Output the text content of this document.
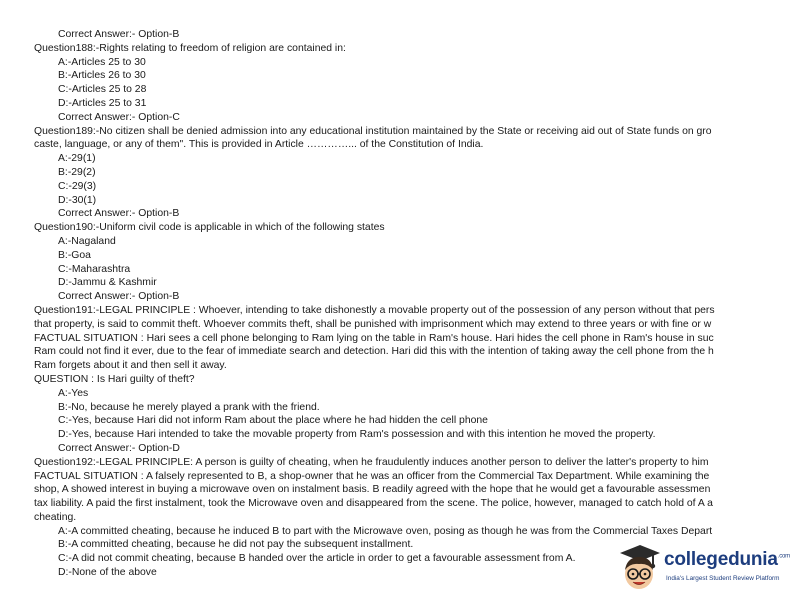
Correct Answer:- Option-B
Question188:-Rights relating to freedom of religion are contained in:
A:-Articles 25 to 30
B:-Articles 26 to 30
C:-Articles 25 to 28
D:-Articles 25 to 31
Correct Answer:- Option-C
Question189:-No citizen shall be denied admission into any educational institution maintained by the State or receiving aid out of State funds on gro
caste, language, or any of them". This is provided in Article …………... of the Constitution of India.
A:-29(1)
B:-29(2)
C:-29(3)
D:-30(1)
Correct Answer:- Option-B
Question190:-Uniform civil code is applicable in which of the following states
A:-Nagaland
B:-Goa
C:-Maharashtra
D:-Jammu & Kashmir
Correct Answer:- Option-B
Question191:-LEGAL PRINCIPLE : Whoever, intending to take dishonestly a movable property out of the possession of any person without that pers
that property, is said to commit theft. Whoever commits theft, shall be punished with imprisonment which may extend to three years or with fine or w
FACTUAL SITUATION : Hari sees a cell phone belonging to Ram lying on the table in Ram's house. Hari hides the cell phone in Ram's house in suc
Ram could not find it ever, due to the fear of immediate search and detection. Hari did this with the intention of taking away the cell phone from the h
Ram forgets about it and then sell it away.
QUESTION : Is Hari guilty of theft?
A:-Yes
B:-No, because he merely played a prank with the friend.
C:-Yes, because Hari did not inform Ram about the place where he had hidden the cell phone
D:-Yes, because Hari intended to take the movable property from Ram's possession and with this intention he moved the property.
Correct Answer:- Option-D
Question192:-LEGAL PRINCIPLE: A person is guilty of cheating, when he fraudulently induces another person to deliver the latter's property to him
FACTUAL SITUATION : A falsely represented to B, a shop-owner that he was an officer from the Commercial Tax Department. While examining the
shop, A showed interest in buying a microwave oven on instalment basis. B readily agreed with the hope that he would get a favourable assessmen
tax liability. A paid the first instalment, took the Microwave oven and disappeared from the scene. The police, however, managed to catch hold of A a
cheating.
A:-A committed cheating, because he induced B to part with the Microwave oven, posing as though he was from the Commercial Taxes Depart
B:-A committed cheating, because he did not pay the subsequent installment.
C:-A did not commit cheating, because B handed over the article in order to get a favourable assessment from A.
D:-None of the above
collegedunia$^{.com}$
India's Largest Student Review Platform
